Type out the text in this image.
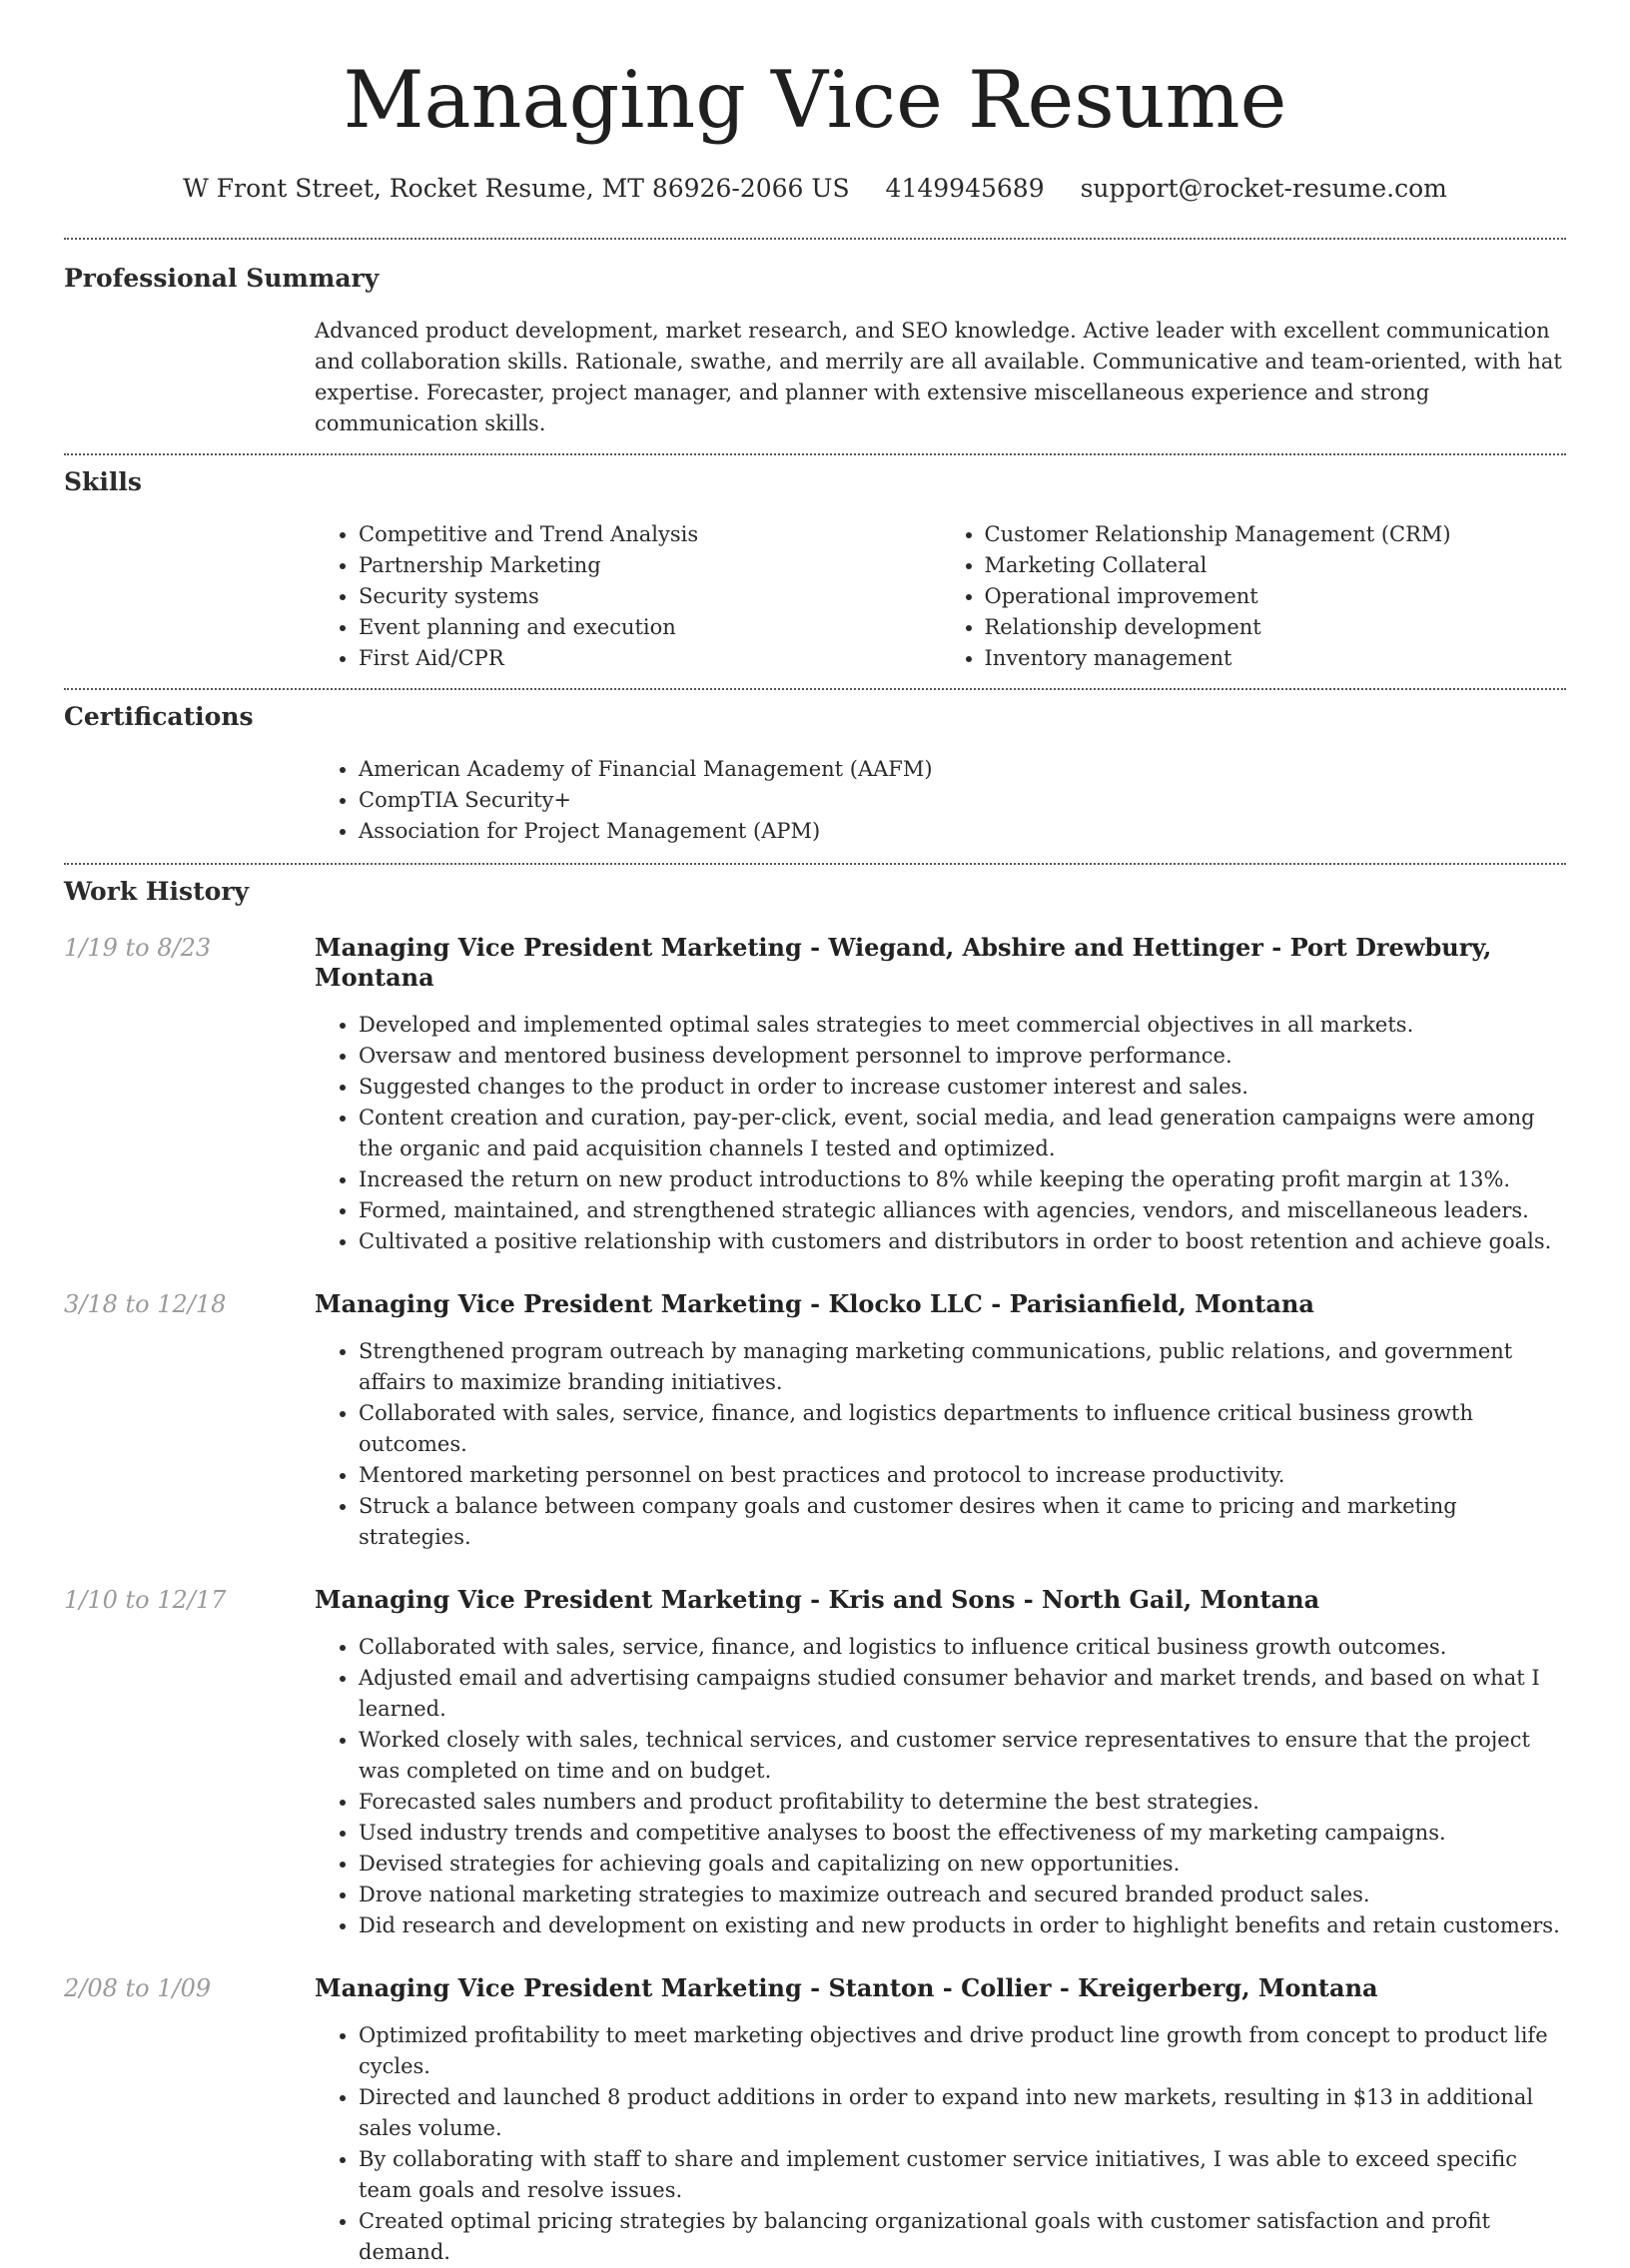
Managing Vice Resume
W Front Street, Rocket Resume, MT 86926-2066 US 4149945689 support@rocket-resume.com
Professional Summary

Advanced product development, market research, and SEO knowledge. Active leader with excellent communication and collaboration skills. Rationale, swathe, and merrily are all available. Communicative and team-oriented, with hat expertise. Forecaster, project manager, and planner with extensive miscellaneous experience and strong communication skills.

Skills
• Competitive and Trend Analysis
• Partnership Marketing
• Security systems
• Event planning and execution
• First Aid/CPR
• Customer Relationship Management (CRM)
• Marketing Collateral
• Operational improvement
• Relationship development
• Inventory management
Certifications
• American Academy of Financial Management (AAFM)
• CompTIA Security+
• Association for Project Management (APM)
Work History
1/19 to 8/23	Managing Vice President Marketing - Wiegand, Abshire and Hettinger - Port Drewbury, Montana
• Developed and implemented optimal sales strategies to meet commercial objectives in all markets.
• Oversaw and mentored business development personnel to improve performance.
• Suggested changes to the product in order to increase customer interest and sales.
• Content creation and curation, pay-per-click, event, social media, and lead generation campaigns were among the organic and paid acquisition channels I tested and optimized.
• Increased the return on new product introductions to 8% while keeping the operating profit margin at 13%.
• Formed, maintained, and strengthened strategic alliances with agencies, vendors, and miscellaneous leaders.
• Cultivated a positive relationship with customers and distributors in order to boost retention and achieve goals.
3/18 to 12/18	Managing Vice President Marketing - Klocko LLC - Parisianfield, Montana
• Strengthened program outreach by managing marketing communications, public relations, and government affairs to maximize branding initiatives.
• Collaborated with sales, service, finance, and logistics departments to influence critical business growth outcomes.
• Mentored marketing personnel on best practices and protocol to increase productivity.
• Struck a balance between company goals and customer desires when it came to pricing and marketing strategies.
1/10 to 12/17	Managing Vice President Marketing - Kris and Sons - North Gail, Montana
• Collaborated with sales, service, finance, and logistics to influence critical business growth outcomes.
• Adjusted email and advertising campaigns studied consumer behavior and market trends, and based on what I learned.
• Worked closely with sales, technical services, and customer service representatives to ensure that the project was completed on time and on budget.
• Forecasted sales numbers and product profitability to determine the best strategies.
• Used industry trends and competitive analyses to boost the effectiveness of my marketing campaigns.
• Devised strategies for achieving goals and capitalizing on new opportunities.
• Drove national marketing strategies to maximize outreach and secured branded product sales.
• Did research and development on existing and new products in order to highlight benefits and retain customers.
2/08 to 1/09	Managing Vice President Marketing - Stanton - Collier - Kreigerberg, Montana
• Optimized profitability to meet marketing objectives and drive product line growth from concept to product life cycles.
• Directed and launched 8 product additions in order to expand into new markets, resulting in $13 in additional sales volume.
• By collaborating with staff to share and implement customer service initiatives, I was able to exceed specific team goals and resolve issues.
• Created optimal pricing strategies by balancing organizational goals with customer satisfaction and profit demand.
